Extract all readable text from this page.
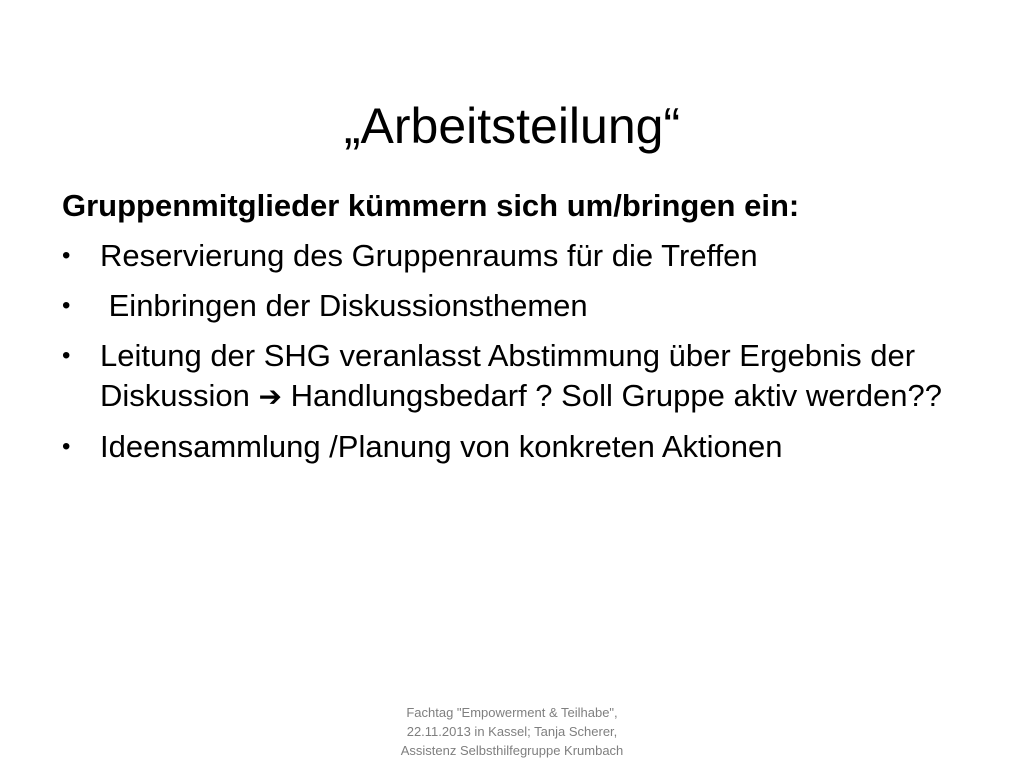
„Arbeitsteilung“

Gruppenmitglieder kümmern sich um/bringen ein:

• Reservierung des Gruppenraums für die Treffen
• Einbringen der Diskussionsthemen
• Leitung der SHG veranlasst Abstimmung über Ergebnis der Diskussion ➔ Handlungsbedarf ? Soll Gruppe aktiv werden??
• Ideensammlung /Planung von konkreten Aktionen
Fachtag "Empowerment & Teilhabe",
22.11.2013 in Kassel; Tanja Scherer,
Assistenz Selbsthilfegruppe Krumbach
